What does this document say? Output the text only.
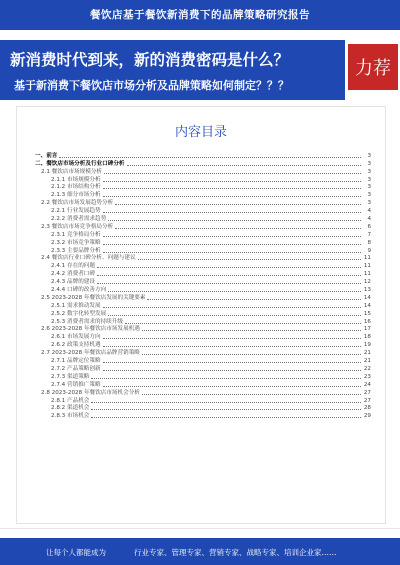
餐饮店基于餐饮新消费下的品牌策略研究报告
新消费时代到来，新的消费密码是什么？
基于新消费下餐饮店市场分析及品牌策略如何制定？？？
力荐
内容目录
一、前言	3
二、餐饮店市场分析及行业口碑分析	3
2.1 餐饮店市场规模分析	3
2.1.1 市场规模分析	3
2.1.2 市场结构分析	3
2.1.3 细分市场分析	3
2.2 餐饮店市场发展趋势分析	3
2.2.1 行业发展趋势	4
2.2.2 消费者需求趋势	4
2.3 餐饮店市场竞争格局分析	6
2.3.1 竞争格局分析	7
2.3.2 市场竞争策略	8
2.3.3 主要品牌分析	9
2.4 餐饮店行业口碑分析、问题与建议	11
2.4.1 存在的问题	11
2.4.2 消费者口碑	11
2.4.3 品牌的建设	12
2.4.4 口碑的改善方向	13
2.5 2023-2028 年餐饮店发展的关键要素	14
2.5.1 需求推动发展	14
2.5.2 数字化转型发展	15
2.5.3 消费者需求的持续升级	16
2.6 2023-2028 年餐饮店市场发展机遇	17
2.6.1 市场发展方向	18
2.6.2 政策支持机遇	19
2.7 2023-2028 年餐饮店品牌营销策略	21
2.7.1 品牌定位策略	21
2.7.2 产品策略创新	22
2.7.3 渠道策略	23
2.7.4 营销推广策略	24
2.8 2023-2028 年餐饮店市场机会分析	27
2.8.1 产品机会	27
2.8.2 渠道机会	28
2.8.3 市场机会	29
让每个人都能成为	行业专家、管理专家、营销专家、战略专家、培训企业家……
